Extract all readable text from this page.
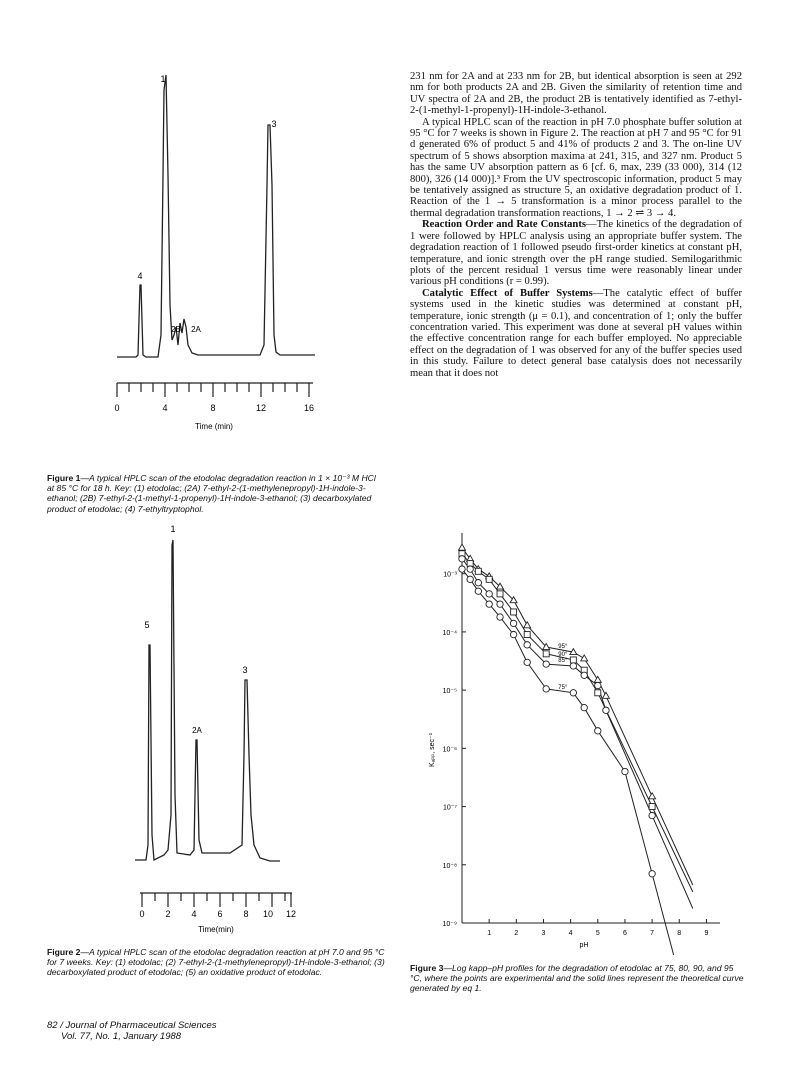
1
3
4
2B 2A
0	4	8	12	16
Time (min)
Figure 1—A typical HPLC scan of the etodolac degradation reaction in 1 × 10⁻³ M HCl at 85 °C for 18 h. Key: (1) etodolac; (2A) 7-ethyl-2-(1-methylenepropyl)-1H-indole-3-ethanol; (2B) 7-ethyl-2-(1-methyl-1-propenyl)-1H-indole-3-ethanol; (3) decarboxylated product of etodolac; (4) 7-ethyltryptophol.
1
5
3
2A
0 2 4 6 8 10 12
Time(min)
Figure 2—A typical HPLC scan of the etodolac degradation reaction at pH 7.0 and 95 °C for 7 weeks. Key: (1) etodolac; (2) 7-ethyl-2-(1-methylenepropyl)-1H-indole-3-ethanol; (3) decarboxylated product of etodolac; (5) an oxidative product of etodolac.

231 nm for 2A and at 233 nm for 2B, but identical absorption is seen at 292 nm for both products 2A and 2B. Given the similarity of retention time and UV spectra of 2A and 2B, the product 2B is tentatively identified as 7-ethyl-2-(1-methyl-1-propenyl)-1H-indole-3-ethanol.

A typical HPLC scan of the reaction in pH 7.0 phosphate buffer solution at 95 °C for 7 weeks is shown in Figure 2. The reaction at pH 7 and 95 °C for 91 d generated 6% of product 5 and 41% of products 2 and 3. The on-line UV spectrum of 5 shows absorption maxima at 241, 315, and 327 nm. Product 5 has the same UV absorption pattern as 6 [cf. 6, max, 239 (33 000), 314 (12 800), 326 (14 000)].³ From the UV spectroscopic information, product 5 may be tentatively assigned as structure 5, an oxidative degradation product of 1. Reaction of the 1 → 5 transformation is a minor process parallel to the thermal degradation transformation reactions, 1 → 2 ⇌ 3 → 4.

Reaction Order and Rate Constants—The kinetics of the degradation of 1 were followed by HPLC analysis using an appropriate buffer system. The degradation reaction of 1 followed pseudo first-order kinetics at constant pH, temperature, and ionic strength over the pH range studied. Semilogarithmic plots of the percent residual 1 versus time were reasonably linear under various pH conditions (r = 0.99).

Catalytic Effect of Buffer Systems—The catalytic effect of buffer systems used in the kinetic studies was determined at constant pH, temperature, ionic strength (μ = 0.1), and concentration of 1; only the buffer concentration varied. This experiment was done at several pH values within the effective concentration range for each buffer employed. No appreciable effect on the degradation of 1 was observed for any of the buffer species used in this study. Failure to detect general base catalysis does not necessarily mean that it does not

10⁻³
10⁻⁴
10⁻⁵
10⁻⁶
10⁻⁷
10⁻⁸
10⁻⁹
1	2	3	4	5	6	7	8	9
95°
90°
85°
75°
Kₐₚₚ, sec⁻¹
pH
Figure 3—Log kapp–pH profiles for the degradation of etodolac at 75, 80, 90, and 95 °C, where the points are experimental and the solid lines represent the theoretical curve generated by eq 1.
82 / Journal of Pharmaceutical Sciences
Vol. 77, No. 1, January 1988
